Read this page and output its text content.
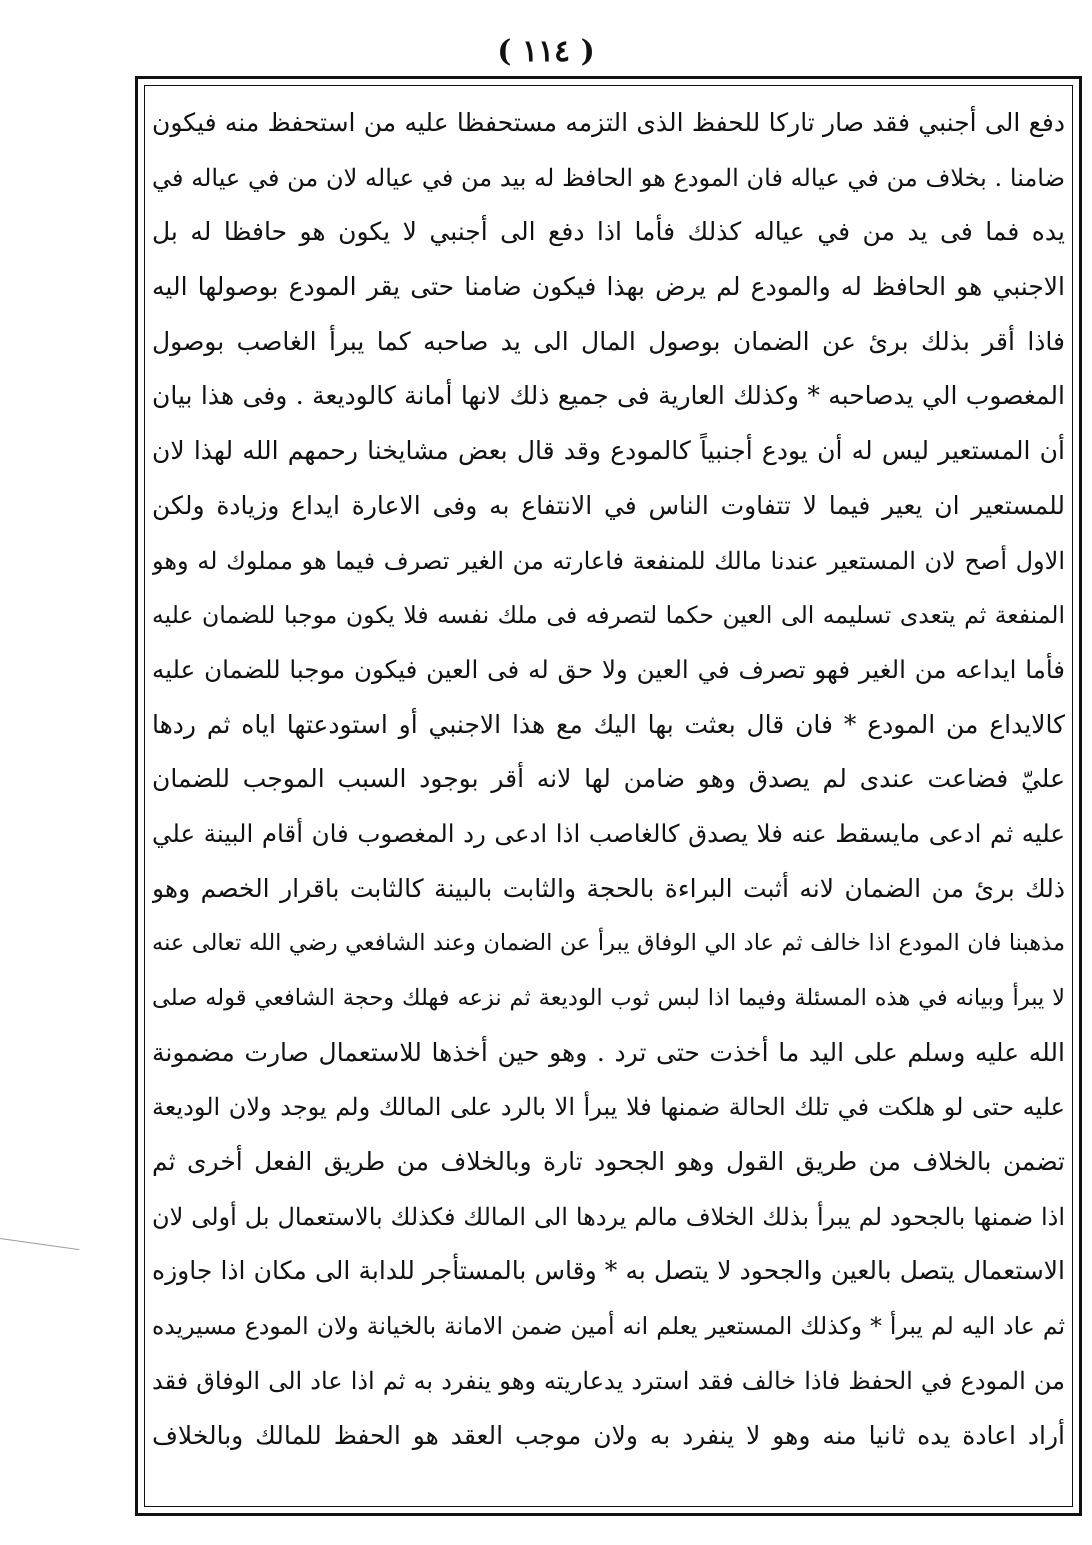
( ١١٤ )
دفع الى أجنبي فقد صار تاركا للحفظ الذى التزمه مستحفظا عليه من استحفظ منه فيكون
ضامنا . بخلاف من في عياله فان المودع هو الحافظ له بيد من في عياله لان من في عياله في
يده فما فى يد من في عياله كذلك فأما اذا دفع الى أجنبي لا يكون هو حافظا له بل
الاجنبي هو الحافظ له والمودع لم يرض بهذا فيكون ضامنا حتى يقر المودع بوصولها اليه
فاذا أقر بذلك برئ عن الضمان بوصول المال الى يد صاحبه كما يبرأ الغاصب بوصول
المغصوب الي يدصاحبه * وكذلك العارية فى جميع ذلك لانها أمانة كالوديعة . وفى هذا بيان
أن المستعير ليس له أن يودع أجنبياً كالمودع وقد قال بعض مشايخنا رحمهم الله لهذا لان
للمستعير ان يعير فيما لا تتفاوت الناس في الانتفاع به وفى الاعارة ايداع وزيادة ولكن
الاول أصح لان المستعير عندنا مالك للمنفعة فاعارته من الغير تصرف فيما هو مملوك له وهو
المنفعة ثم يتعدى تسليمه الى العين حكما لتصرفه فى ملك نفسه فلا يكون موجبا للضمان عليه
فأما ايداعه من الغير فهو تصرف في العين ولا حق له فى العين فيكون موجبا للضمان عليه
كالايداع من المودع * فان قال بعثت بها اليك مع هذا الاجنبي أو استودعتها اياه ثم ردها
عليّ فضاعت عندى لم يصدق وهو ضامن لها لانه أقر بوجود السبب الموجب للضمان
عليه ثم ادعى مايسقط عنه فلا يصدق كالغاصب اذا ادعى رد المغصوب فان أقام البينة علي
ذلك برئ من الضمان لانه أثبت البراءة بالحجة والثابت بالبينة كالثابت باقرار الخصم وهو
مذهبنا فان المودع اذا خالف ثم عاد الي الوفاق يبرأ عن الضمان وعند الشافعي رضي الله تعالى عنه
لا يبرأ وبيانه في هذه المسئلة وفيما اذا لبس ثوب الوديعة ثم نزعه فهلك وحجة الشافعي قوله صلى
الله عليه وسلم على اليد ما أخذت حتى ترد . وهو حين أخذها للاستعمال صارت مضمونة
عليه حتى لو هلكت في تلك الحالة ضمنها فلا يبرأ الا بالرد على المالك ولم يوجد ولان الوديعة
تضمن بالخلاف من طريق القول وهو الجحود تارة وبالخلاف من طريق الفعل أخرى ثم
اذا ضمنها بالجحود لم يبرأ بذلك الخلاف مالم يردها الى المالك فكذلك بالاستعمال بل أولى لان
الاستعمال يتصل بالعين والجحود لا يتصل به * وقاس بالمستأجر للدابة الى مكان اذا جاوزه
ثم عاد اليه لم يبرأ * وكذلك المستعير يعلم انه أمين ضمن الامانة بالخيانة ولان المودع مسيريده
من المودع في الحفظ فاذا خالف فقد استرد يدعاريته وهو ينفرد به ثم اذا عاد الى الوفاق فقد
أراد اعادة يده ثانيا منه وهو لا ينفرد به ولان موجب العقد هو الحفظ للمالك وبالخلاف
